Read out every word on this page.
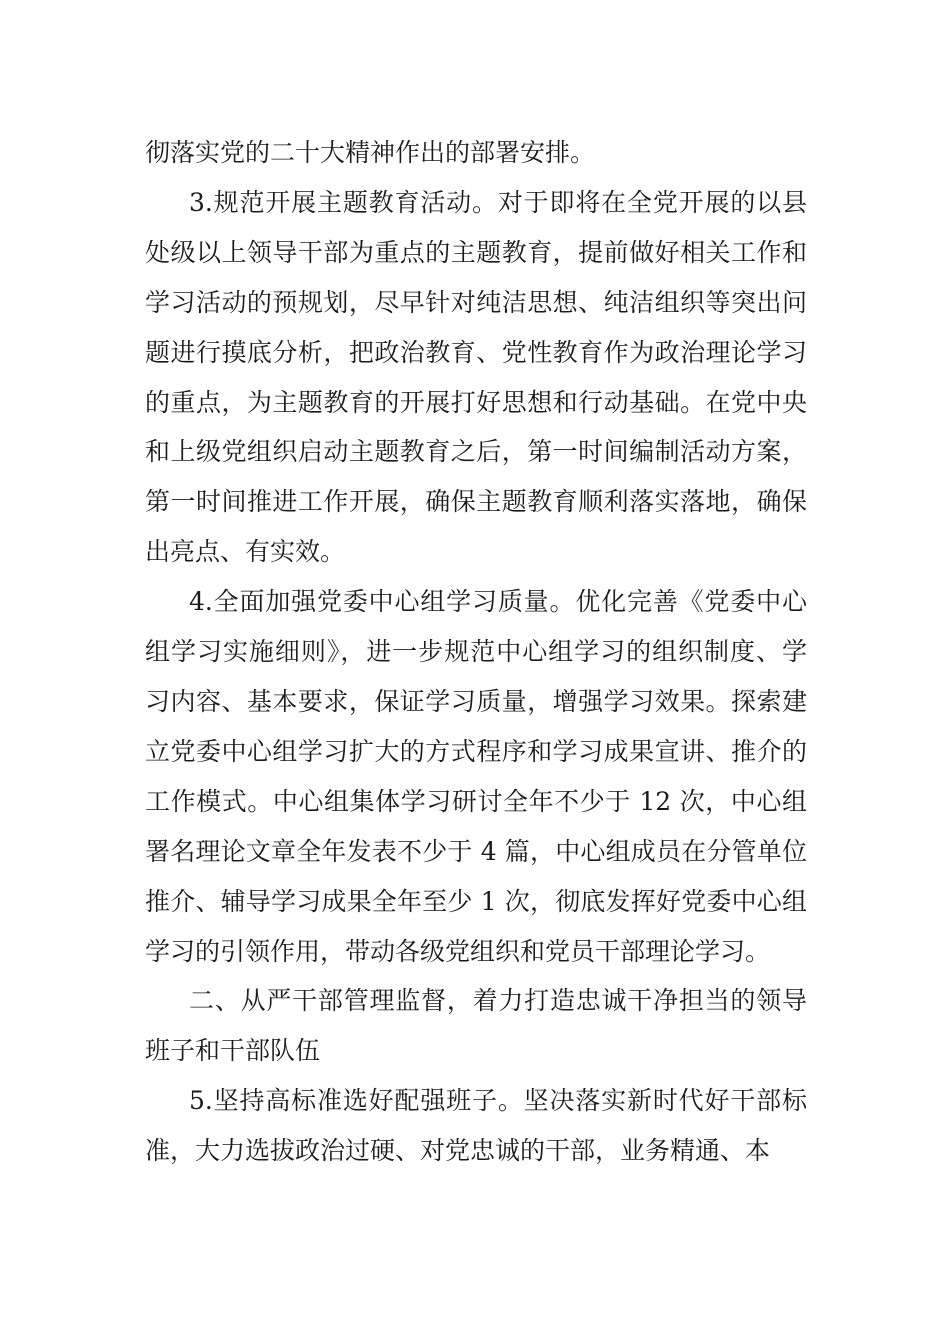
彻落实党的二十大精神作出的部署安排。

3.规范开展主题教育活动。对于即将在全党开展的以县处级以上领导干部为重点的主题教育，提前做好相关工作和学习活动的预规划，尽早针对纯洁思想、纯洁组织等突出问题进行摸底分析，把政治教育、党性教育作为政治理论学习的重点，为主题教育的开展打好思想和行动基础。在党中央和上级党组织启动主题教育之后，第一时间编制活动方案，第一时间推进工作开展，确保主题教育顺利落实落地，确保出亮点、有实效。

4.全面加强党委中心组学习质量。优化完善《党委中心组学习实施细则》，进一步规范中心组学习的组织制度、学习内容、基本要求，保证学习质量，增强学习效果。探索建立党委中心组学习扩大的方式程序和学习成果宣讲、推介的工作模式。中心组集体学习研讨全年不少于 12 次，中心组署名理论文章全年发表不少于 4 篇，中心组成员在分管单位推介、辅导学习成果全年至少 1 次，彻底发挥好党委中心组学习的引领作用，带动各级党组织和党员干部理论学习。

二、从严干部管理监督，着力打造忠诚干净担当的领导班子和干部队伍

5.坚持高标准选好配强班子。坚决落实新时代好干部标准，大力选拔政治过硬、对党忠诚的干部，业务精通、本
